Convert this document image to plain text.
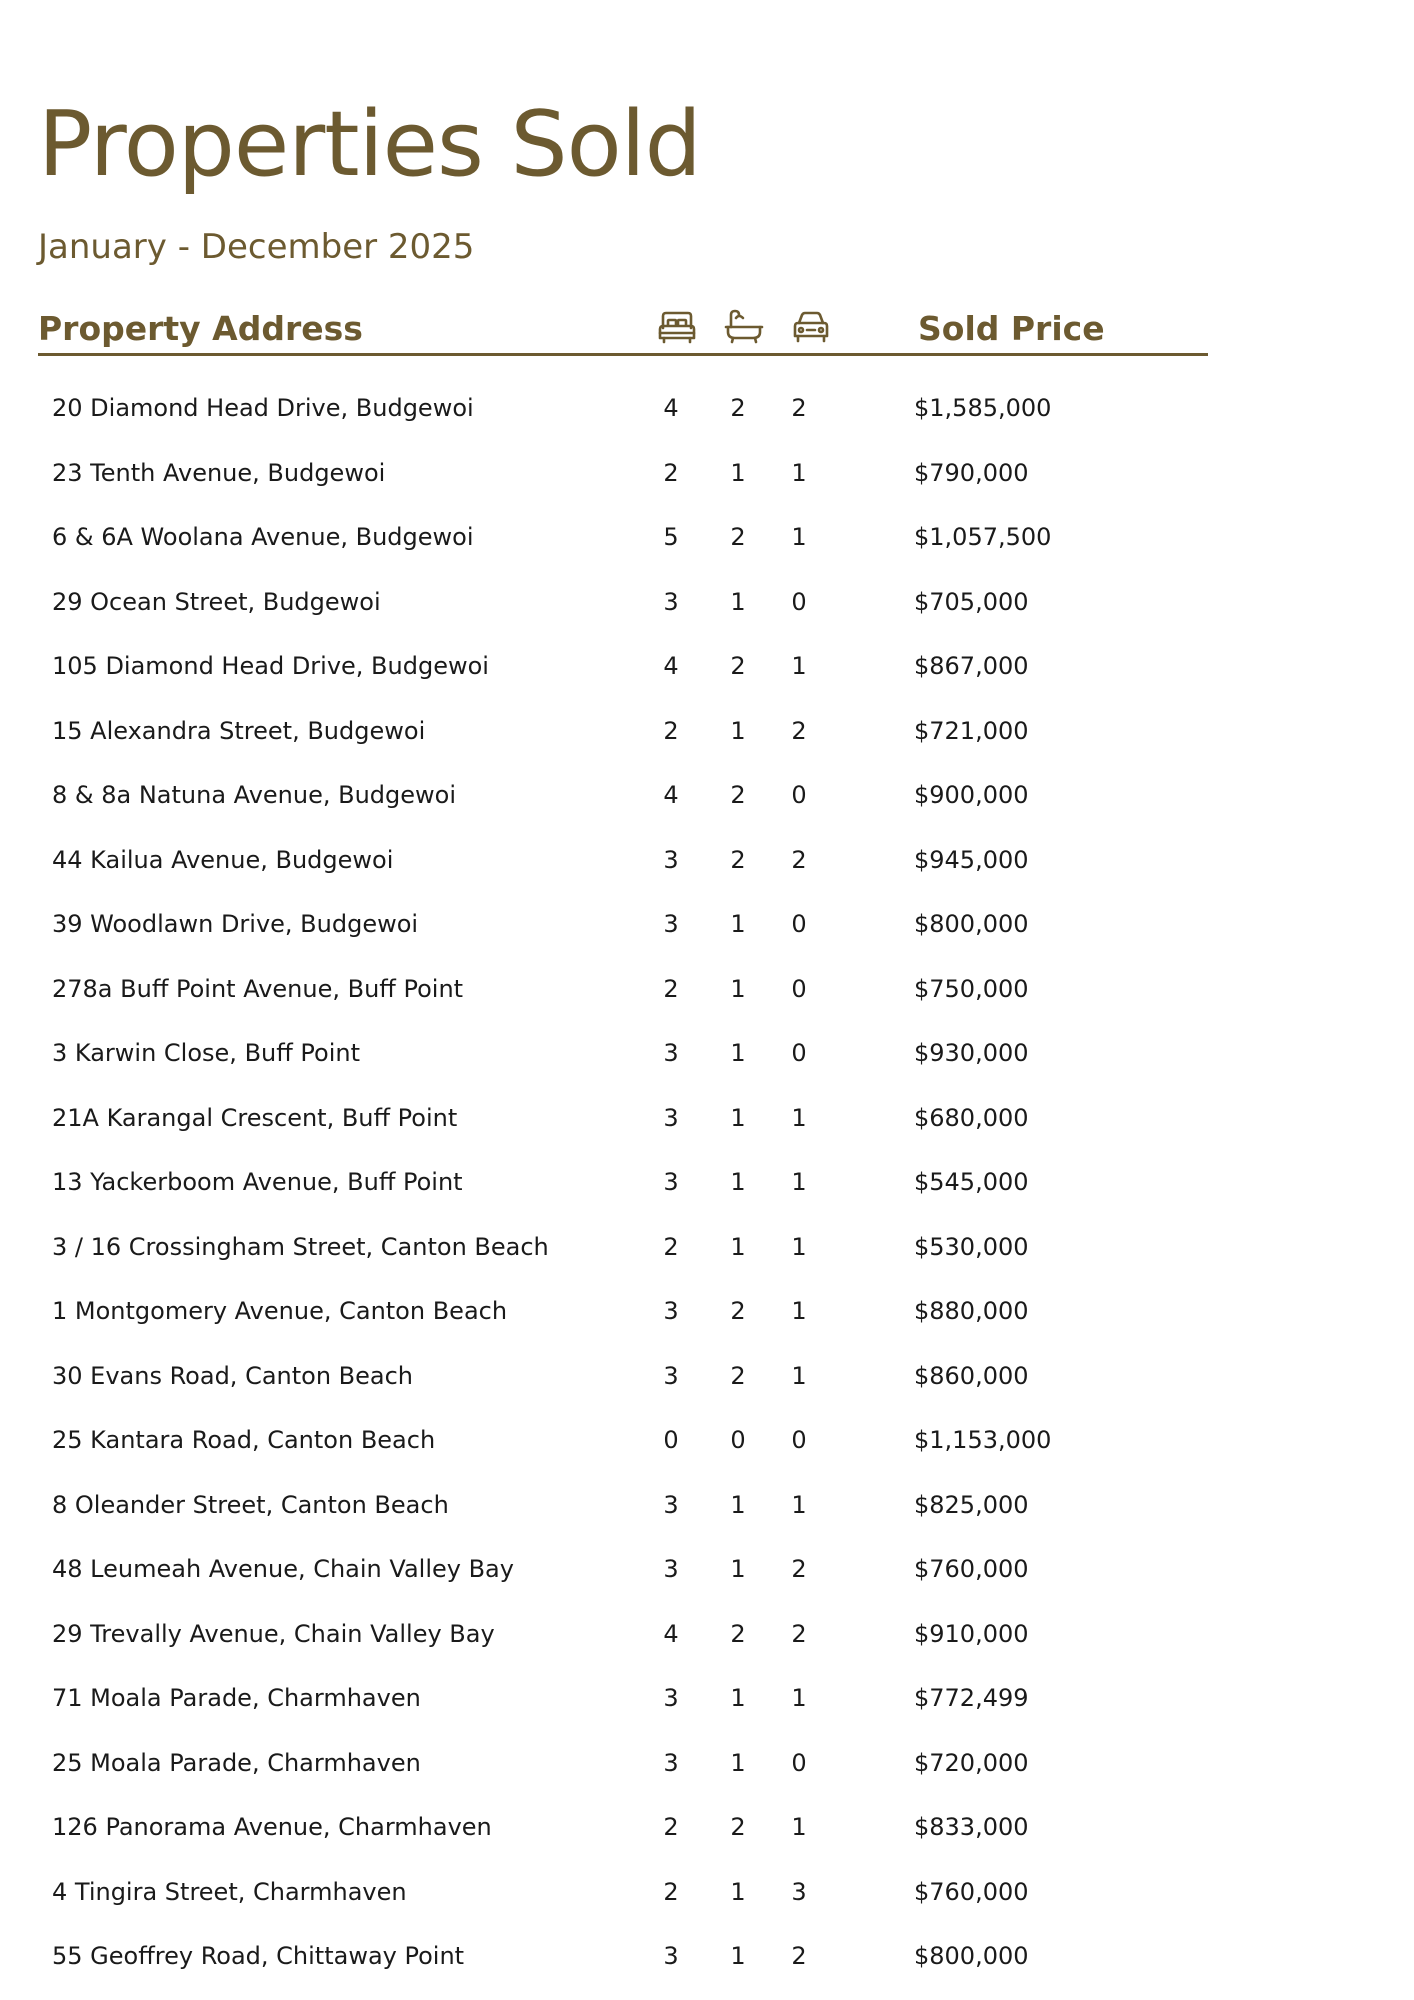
Properties Sold
January - December 2025
Property Address	Sold Price
20 Diamond Head Drive, Budgewoi	4	2	2	$1,585,000
23 Tenth Avenue, Budgewoi	2	1	1	$790,000
6 & 6A Woolana Avenue, Budgewoi	5	2	1	$1,057,500
29 Ocean Street, Budgewoi	3	1	0	$705,000
105 Diamond Head Drive, Budgewoi	4	2	1	$867,000
15 Alexandra Street, Budgewoi	2	1	2	$721,000
8 & 8a Natuna Avenue, Budgewoi	4	2	0	$900,000
44 Kailua Avenue, Budgewoi	3	2	2	$945,000
39 Woodlawn Drive, Budgewoi	3	1	0	$800,000
278a Buff Point Avenue, Buff Point	2	1	0	$750,000
3 Karwin Close, Buff Point	3	1	0	$930,000
21A Karangal Crescent, Buff Point	3	1	1	$680,000
13 Yackerboom Avenue, Buff Point	3	1	1	$545,000
3 / 16 Crossingham Street, Canton Beach	2	1	1	$530,000
1 Montgomery Avenue, Canton Beach	3	2	1	$880,000
30 Evans Road, Canton Beach	3	2	1	$860,000
25 Kantara Road, Canton Beach	0	0	0	$1,153,000
8 Oleander Street, Canton Beach	3	1	1	$825,000
48 Leumeah Avenue, Chain Valley Bay	3	1	2	$760,000
29 Trevally Avenue, Chain Valley Bay	4	2	2	$910,000
71 Moala Parade, Charmhaven	3	1	1	$772,499
25 Moala Parade, Charmhaven	3	1	0	$720,000
126 Panorama Avenue, Charmhaven	2	2	1	$833,000
4 Tingira Street, Charmhaven	2	1	3	$760,000
55 Geoffrey Road, Chittaway Point	3	1	2	$800,000
